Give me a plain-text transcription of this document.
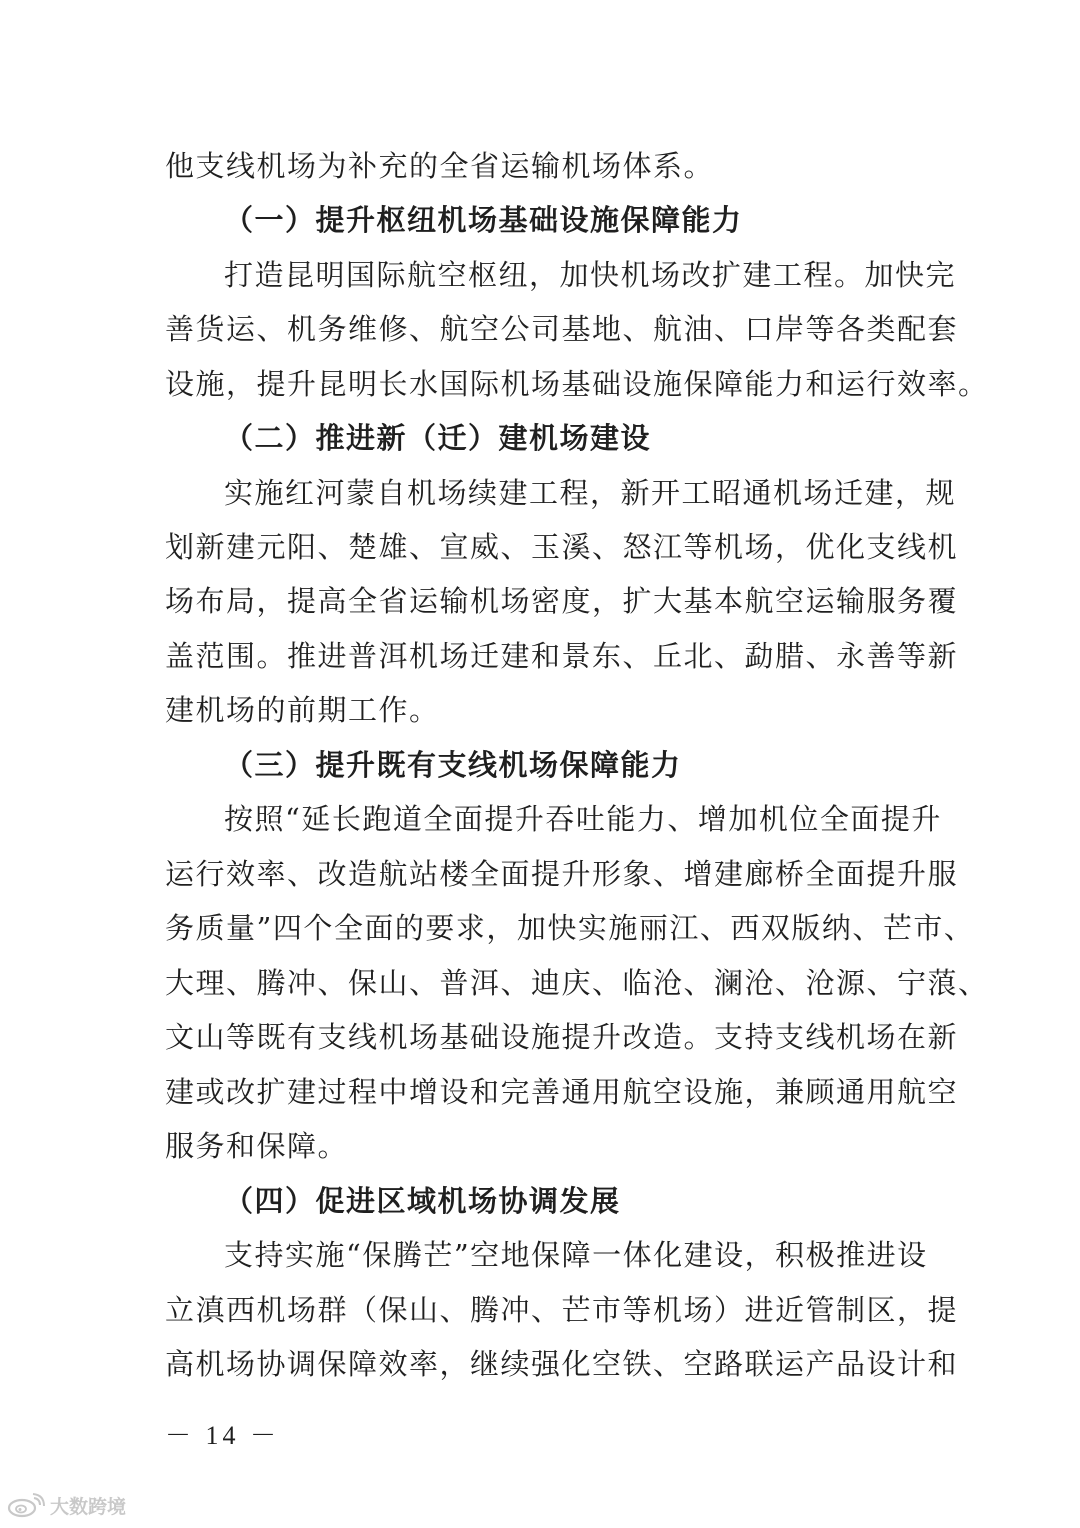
他支线机场为补充的全省运输机场体系。
（一）提升枢纽机场基础设施保障能力
打造昆明国际航空枢纽，加快机场改扩建工程。加快完
善货运、机务维修、航空公司基地、航油、口岸等各类配套
设施，提升昆明长水国际机场基础设施保障能力和运行效率。
（二）推进新（迁）建机场建设
实施红河蒙自机场续建工程，新开工昭通机场迁建，规
划新建元阳、楚雄、宣威、玉溪、怒江等机场，优化支线机
场布局，提高全省运输机场密度，扩大基本航空运输服务覆
盖范围。推进普洱机场迁建和景东、丘北、勐腊、永善等新
建机场的前期工作。
（三）提升既有支线机场保障能力
按照“延长跑道全面提升吞吐能力、增加机位全面提升
运行效率、改造航站楼全面提升形象、增建廊桥全面提升服
务质量”四个全面的要求，加快实施丽江、西双版纳、芒市、
大理、腾冲、保山、普洱、迪庆、临沧、澜沧、沧源、宁蒗、
文山等既有支线机场基础设施提升改造。支持支线机场在新
建或改扩建过程中增设和完善通用航空设施，兼顾通用航空
服务和保障。
（四）促进区域机场协调发展
支持实施“保腾芒”空地保障一体化建设，积极推进设
立滇西机场群（保山、腾冲、芒市等机场）进近管制区，提
高机场协调保障效率，继续强化空铁、空路联运产品设计和
－ 14 －
大数跨境
